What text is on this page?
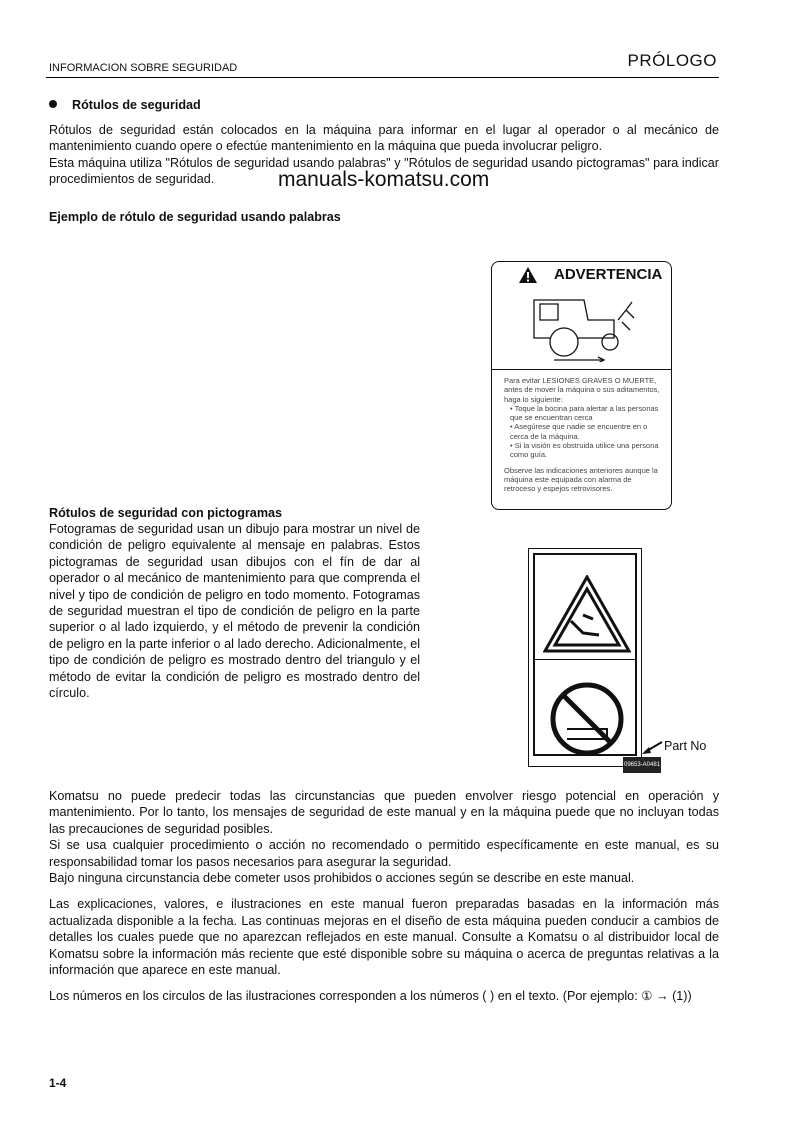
INFORMACION SOBRE SEGURIDAD	PRÓLOGO
Rótulos de seguridad
Rótulos de seguridad están colocados en la máquina para informar en el lugar al operador o al mecánico de mantenimiento cuando opere o efectúe mantenimiento en la máquina que pueda involucrar peligro.
Esta máquina utiliza "Rótulos de seguridad usando palabras" y "Rótulos de seguridad usando pictogramas" para indicar procedimientos de seguridad.	manuals-komatsu.com
Ejemplo de rótulo de seguridad usando palabras
ADVERTENCIA
Para evitar LESIONES GRAVES O MUERTE, antes de mover la máquina o sus aditamentos, haga lo siguiente:
• Toque la bocina para alertar a las personas que se encuentran cerca
• Asegúrese que nadie se encuentre en o cerca de la máquina.
• Si la visión es obstruida utilice una persona como guía.
Observe las indicaciones anteriores aunque la máquina este equipada con alarma de retroceso y espejos retrovisores.
Rótulos de seguridad con pictogramas
Fotogramas de seguridad usan un dibujo para mostrar un nivel de condición de peligro equivalente al mensaje en palabras. Estos pictogramas de seguridad usan dibujos con el fín de dar al operador o al mecánico de mantenimiento para que comprenda el nivel y tipo de condición de peligro en todo momento. Fotogramas de seguridad muestran el tipo de condición de peligro en la parte superior o al lado izquierdo, y el método de prevenir la condición de peligro en la parte inferior o al lado derecho. Adicionalmente, el tipo de condición de peligro es mostrado dentro del triangulo y el método de evitar la condición de peligro es mostrado dentro del círculo.
Part No
09653-A0481
Komatsu no puede predecir todas las circunstancias que pueden envolver riesgo potencial en operación y mantenimiento. Por lo tanto, los mensajes de seguridad de este manual y en la máquina puede que no incluyan todas las precauciones de seguridad posibles.
Si se usa cualquier procedimiento o acción no recomendado o permitido específicamente en este manual, es su responsabilidad tomar los pasos necesarios para asegurar la seguridad.
Bajo ninguna circunstancia debe cometer usos prohibidos o acciones según se describe en este manual.
Las explicaciones, valores, e ilustraciones en este manual fueron preparadas basadas en la información más actualizada disponible a la fecha. Las continuas mejoras en el diseño de esta máquina pueden conducir a cambios de detalles los cuales puede que no aparezcan reflejados en este manual. Consulte a Komatsu o al distribuidor local de Komatsu sobre la información más reciente que esté disponible sobre su máquina o acerca de preguntas relativas a la información que aparece en este manual.
Los números en los circulos de las ilustraciones corresponden a los números ( ) en el texto. (Por ejemplo: ① → (1))
1-4
